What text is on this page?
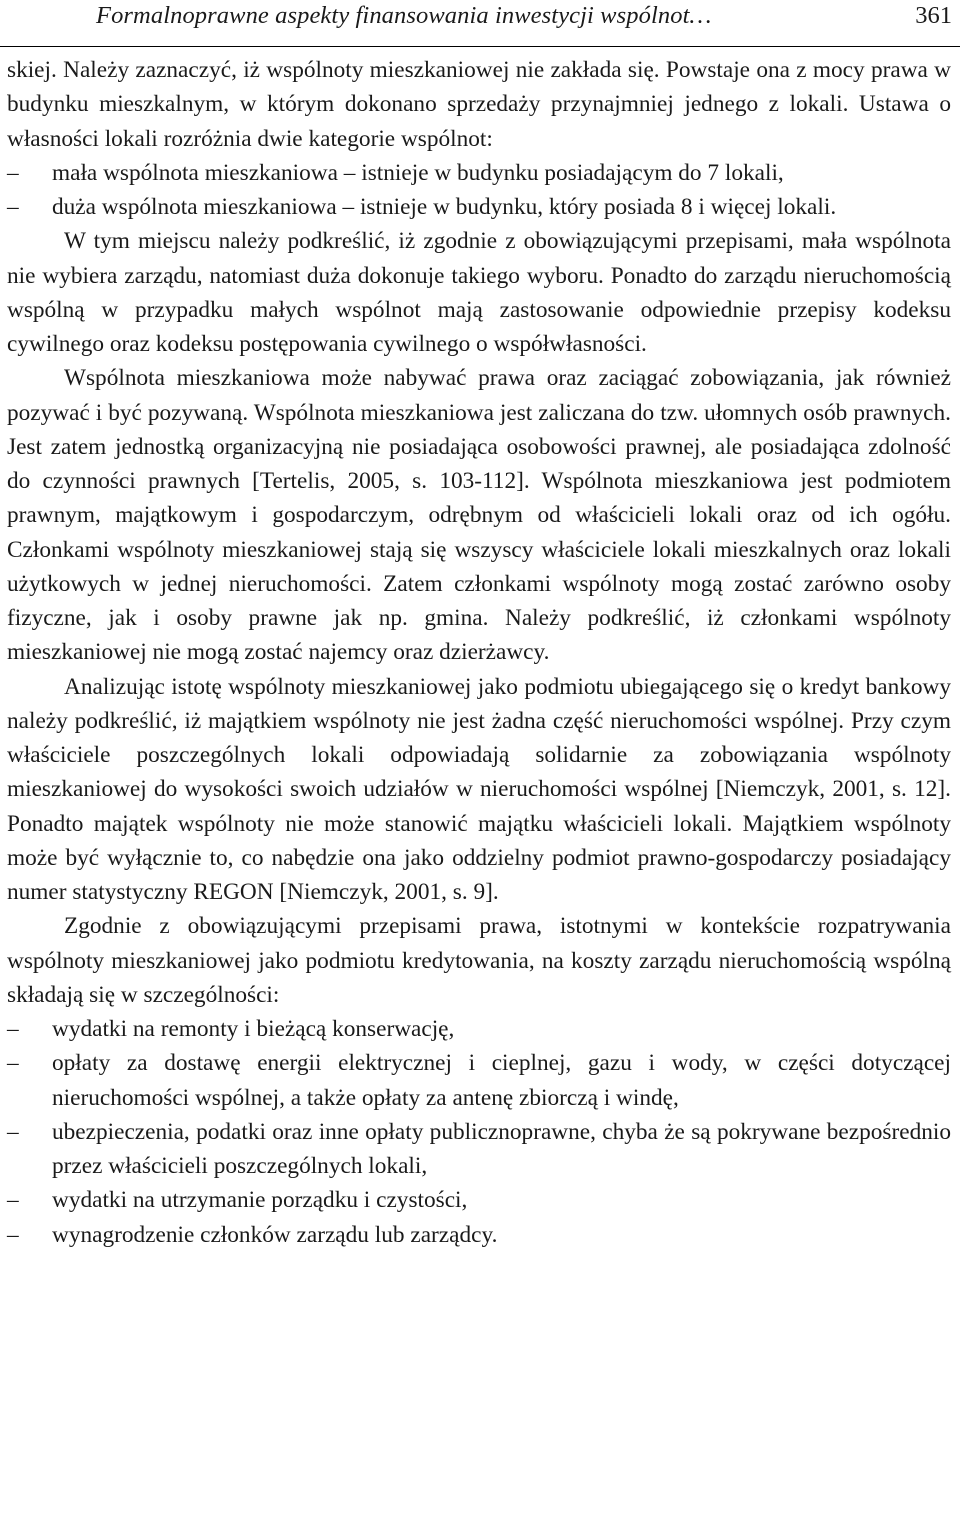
Formalnoprawne aspekty finansowania inwestycji wspólnot…	361

skiej. Należy zaznaczyć, iż wspólnoty mieszkaniowej nie zakłada się. Powstaje ona z mocy prawa w budynku mieszkalnym, w którym dokonano sprzedaży przynajmniej jednego z lokali. Ustawa o własności lokali rozróżnia dwie kategorie wspólnot:

–	mała wspólnota mieszkaniowa – istnieje w budynku posiadającym do 7 lokali,
–	duża wspólnota mieszkaniowa – istnieje w budynku, który posiada 8 i więcej lokali.

W tym miejscu należy podkreślić, iż zgodnie z obowiązującymi przepisami, mała wspólnota nie wybiera zarządu, natomiast duża dokonuje takiego wyboru. Ponadto do zarządu nieruchomością wspólną w przypadku małych wspólnot mają zastosowanie odpowiednie przepisy kodeksu cywilnego oraz kodeksu postępowania cywilnego o współwłasności.

Wspólnota mieszkaniowa może nabywać prawa oraz zaciągać zobowiązania, jak również pozywać i być pozywaną. Wspólnota mieszkaniowa jest zaliczana do tzw. ułomnych osób prawnych. Jest zatem jednostką organizacyjną nie posiadająca osobowości prawnej, ale posiadająca zdolność do czynności prawnych [Tertelis, 2005, s. 103-112]. Wspólnota mieszkaniowa jest podmiotem prawnym, majątkowym i gospodarczym, odrębnym od właścicieli lokali oraz od ich ogółu. Członkami wspólnoty mieszkaniowej stają się wszyscy właściciele lokali mieszkalnych oraz lokali użytkowych w jednej nieruchomości. Zatem członkami wspólnoty mogą zostać zarówno osoby fizyczne, jak i osoby prawne jak np. gmina. Należy podkreślić, iż członkami wspólnoty mieszkaniowej nie mogą zostać najemcy oraz dzierżawcy.

Analizując istotę wspólnoty mieszkaniowej jako podmiotu ubiegającego się o kredyt bankowy należy podkreślić, iż majątkiem wspólnoty nie jest żadna część nieruchomości wspólnej. Przy czym właściciele poszczególnych lokali odpowiadają solidarnie za zobowiązania wspólnoty mieszkaniowej do wysokości swoich udziałów w nieruchomości wspólnej [Niemczyk, 2001, s. 12]. Ponadto majątek wspólnoty nie może stanowić majątku właścicieli lokali. Majątkiem wspólnoty może być wyłącznie to, co nabędzie ona jako oddzielny podmiot prawno-gospodarczy posiadający numer statystyczny REGON [Niemczyk, 2001, s. 9].

Zgodnie z obowiązującymi przepisami prawa, istotnymi w kontekście rozpatrywania wspólnoty mieszkaniowej jako podmiotu kredytowania, na koszty zarządu nieruchomością wspólną składają się w szczególności:

–	wydatki na remonty i bieżącą konserwację,
–	opłaty za dostawę energii elektrycznej i cieplnej, gazu i wody, w części dotyczącej nieruchomości wspólnej, a także opłaty za antenę zbiorczą i windę,
–	ubezpieczenia, podatki oraz inne opłaty publicznoprawne, chyba że są pokrywane bezpośrednio przez właścicieli poszczególnych lokali,
–	wydatki na utrzymanie porządku i czystości,
–	wynagrodzenie członków zarządu lub zarządcy.
